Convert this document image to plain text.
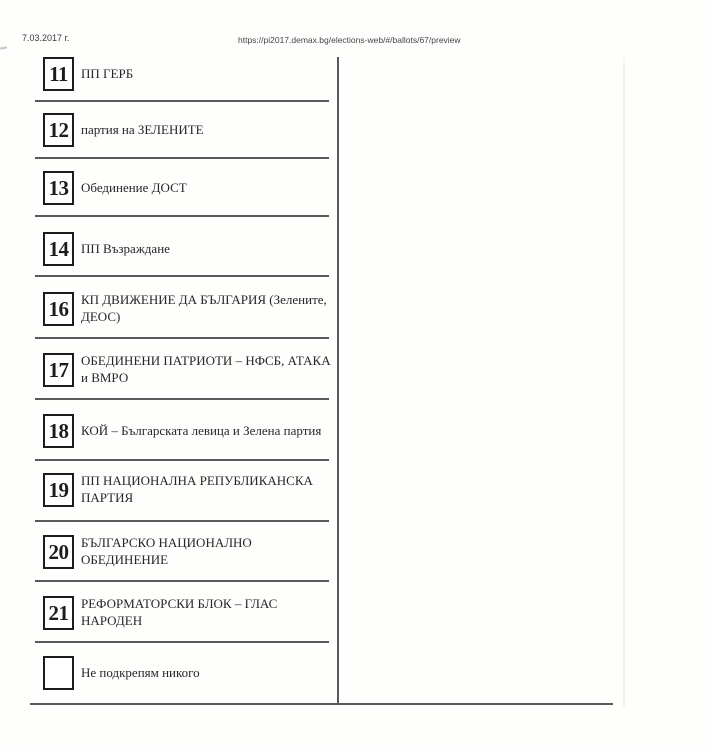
7.03.2017 г.	https://pi2017.demax.bg/elections-web/#/ballots/67/preview
11 ПП ГЕРБ
12 партия на ЗЕЛЕНИТЕ
13 Обединение ДОСТ
14 ПП Възраждане
16 КП ДВИЖЕНИЕ ДА БЪЛГАРИЯ (Зелените, ДЕОС)
17 ОБЕДИНЕНИ ПАТРИОТИ – НФСБ, АТАКА и ВМРО
18 КОЙ – Българската левица и Зелена партия
19 ПП НАЦИОНАЛНА РЕПУБЛИКАНСКА ПАРТИЯ
20 БЪЛГАРСКО НАЦИОНАЛНО ОБЕДИНЕНИЕ
21 РЕФОРМАТОРСКИ БЛОК – ГЛАС НАРОДЕН
Не подкрепям никого
